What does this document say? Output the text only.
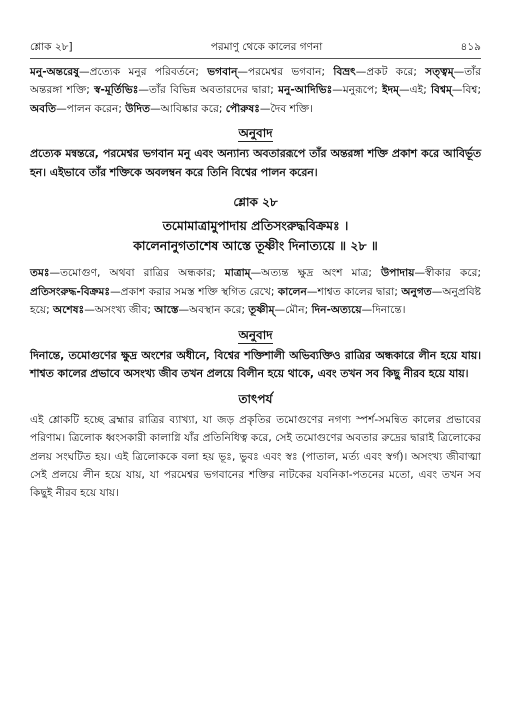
শ্লোক ২৮]	পরমাণু থেকে কালের গণনা	৪১৯

মনু-অন্তরেষু—প্রত্যেক মনুর পরিবর্তনে; ভগবান্—পরমেশ্বর ভগবান; বিভ্রৎ—প্রকট করে; সত্ত্বম্—তাঁর অন্তরঙ্গা শক্তি; স্ব-মূর্তিভিঃ—তাঁর বিভিন্ন অবতারদের দ্বারা; মনু-আদিভিঃ—মনুরূপে; ইদম্—এই; বিশ্বম্—বিশ্ব; অবতি—পালন করেন; উদিত—আবিষ্কার করে; পৌরুষঃ—দৈব শক্তি।

অনুবাদ

প্রত্যেক মন্বন্তরে, পরমেশ্বর ভগবান মনু এবং অন্যান্য অবতাররূপে তাঁর অন্তরঙ্গা শক্তি প্রকাশ করে আবির্ভূত হন। এইভাবে তাঁর শক্তিকে অবলম্বন করে তিনি বিশ্বের পালন করেন।

শ্লোক ২৮

তমোমাত্রামুপাদায় প্রতিসংরুদ্ধবিক্রমঃ ।

কালেনানুগতাশেষ আস্তে তূষ্ণীং দিনাত্যয়ে ॥ ২৮ ॥

তমঃ—তমোগুণ, অথবা রাত্রির অন্ধকার; মাত্রাম্—অত্যন্ত ক্ষুদ্র অংশ মাত্র; উপাদায়—স্বীকার করে; প্রতিসংরুদ্ধ-বিক্রমঃ—প্রকাশ করার সমস্ত শক্তি স্থগিত রেখে; কালেন—শাশ্বত কালের দ্বারা; অনুগত—অনুপ্রবিষ্ট হয়ে; অশেষঃ—অসংখ্য জীব; আস্তে—অবস্থান করে; তূষ্ণীম্—মৌন; দিন-অত্যয়ে—দিনান্তে।

অনুবাদ

দিনান্তে, তমোগুণের ক্ষুদ্র অংশের অধীনে, বিশ্বের শক্তিশালী অভিব্যক্তিও রাত্রির অন্ধকারে লীন হয়ে যায়। শাশ্বত কালের প্রভাবে অসংখ্য জীব তখন প্রলয়ে বিলীন হয়ে থাকে, এবং তখন সব কিছু নীরব হয়ে যায়।

তাৎপর্য

এই শ্লোকটি হচ্ছে ব্রহ্মার রাত্রির ব্যাখ্যা, যা জড় প্রকৃতির তমোগুণের নগণ্য স্পর্শ-সমন্বিত কালের প্রভাবের পরিণাম। ত্রিলোক ধ্বংসকারী কালাগ্নি যাঁর প্রতিনিধিত্ব করে, সেই তমোগুণের অবতার রুদ্রের দ্বারাই ত্রিলোকের প্রলয় সংঘটিত হয়। এই ত্রিলোককে বলা হয় ভূঃ, ভুবঃ এবং স্বঃ (পাতাল, মর্ত্য এবং স্বর্গ)। অসংখ্য জীবাত্মা সেই প্রলয়ে লীন হয়ে যায়, যা পরমেশ্বর ভগবানের শক্তির নাটকের যবনিকা-পতনের মতো, এবং তখন সব কিছুই নীরব হয়ে যায়।
